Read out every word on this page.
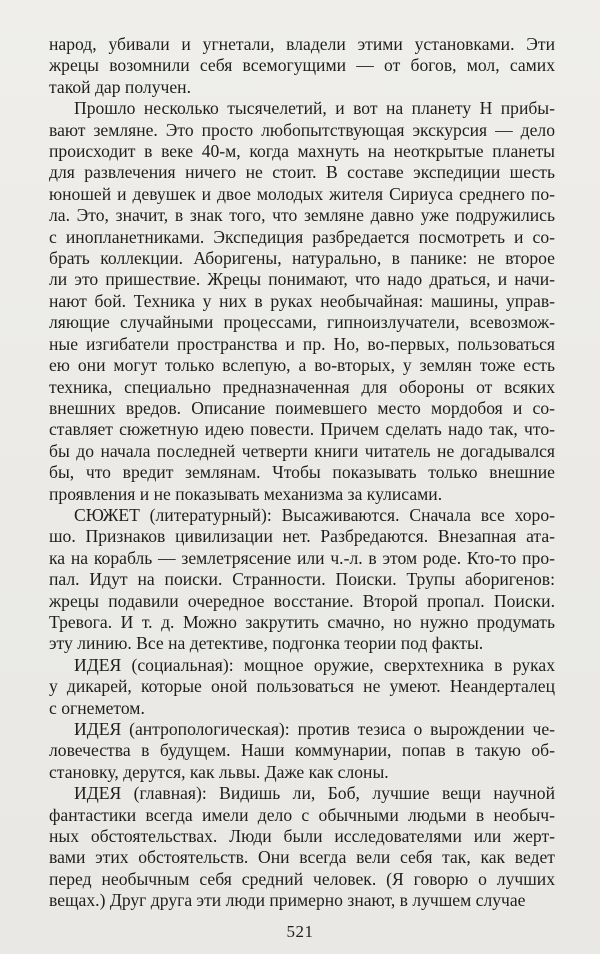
народ, убивали и угнетали, владели этими установками. Эти
жрецы возомнили себя всемогущими — от богов, мол, самих
такой дар получен.

Прошло несколько тысячелетий, и вот на планету Н прибы-
вают земляне. Это просто любопытствующая экскурсия — дело
происходит в веке 40-м, когда махнуть на неоткрытые планеты
для развлечения ничего не стоит. В составе экспедиции шесть
юношей и девушек и двое молодых жителя Сириуса среднего по-
ла. Это, значит, в знак того, что земляне давно уже подружились
с инопланетниками. Экспедиция разбредается посмотреть и со-
брать коллекции. Аборигены, натурально, в панике: не второе
ли это пришествие. Жрецы понимают, что надо драться, и начи-
нают бой. Техника у них в руках необычайная: машины, управ-
ляющие случайными процессами, гипноизлучатели, всевозмож-
ные изгибатели пространства и пр. Но, во-первых, пользоваться
ею они могут только вслепую, а во-вторых, у землян тоже есть
техника, специально предназначенная для обороны от всяких
внешних вредов. Описание поимевшего место мордобоя и со-
ставляет сюжетную идею повести. Причем сделать надо так, что-
бы до начала последней четверти книги читатель не догадывался
бы, что вредит землянам. Чтобы показывать только внешние
проявления и не показывать механизма за кулисами.

СЮЖЕТ (литературный): Высаживаются. Сначала все хоро-
шо. Признаков цивилизации нет. Разбредаются. Внезапная ата-
ка на корабль — землетрясение или ч.-л. в этом роде. Кто-то про-
пал. Идут на поиски. Странности. Поиски. Трупы аборигенов:
жрецы подавили очередное восстание. Второй пропал. Поиски.
Тревога. И т. д. Можно закрутить смачно, но нужно продумать
эту линию. Все на детективе, подгонка теории под факты.

ИДЕЯ (социальная): мощное оружие, сверхтехника в руках
у дикарей, которые оной пользоваться не умеют. Неандерталец
с огнеметом.

ИДЕЯ (антропологическая): против тезиса о вырождении че-
ловечества в будущем. Наши коммунарии, попав в такую об-
становку, дерутся, как львы. Даже как слоны.

ИДЕЯ (главная): Видишь ли, Боб, лучшие вещи научной
фантастики всегда имели дело с обычными людьми в необыч-
ных обстоятельствах. Люди были исследователями или жерт-
вами этих обстоятельств. Они всегда вели себя так, как ведет
перед необычным себя средний человек. (Я говорю о лучших
вещах.) Друг друга эти люди примерно знают, в лучшем случае

521
